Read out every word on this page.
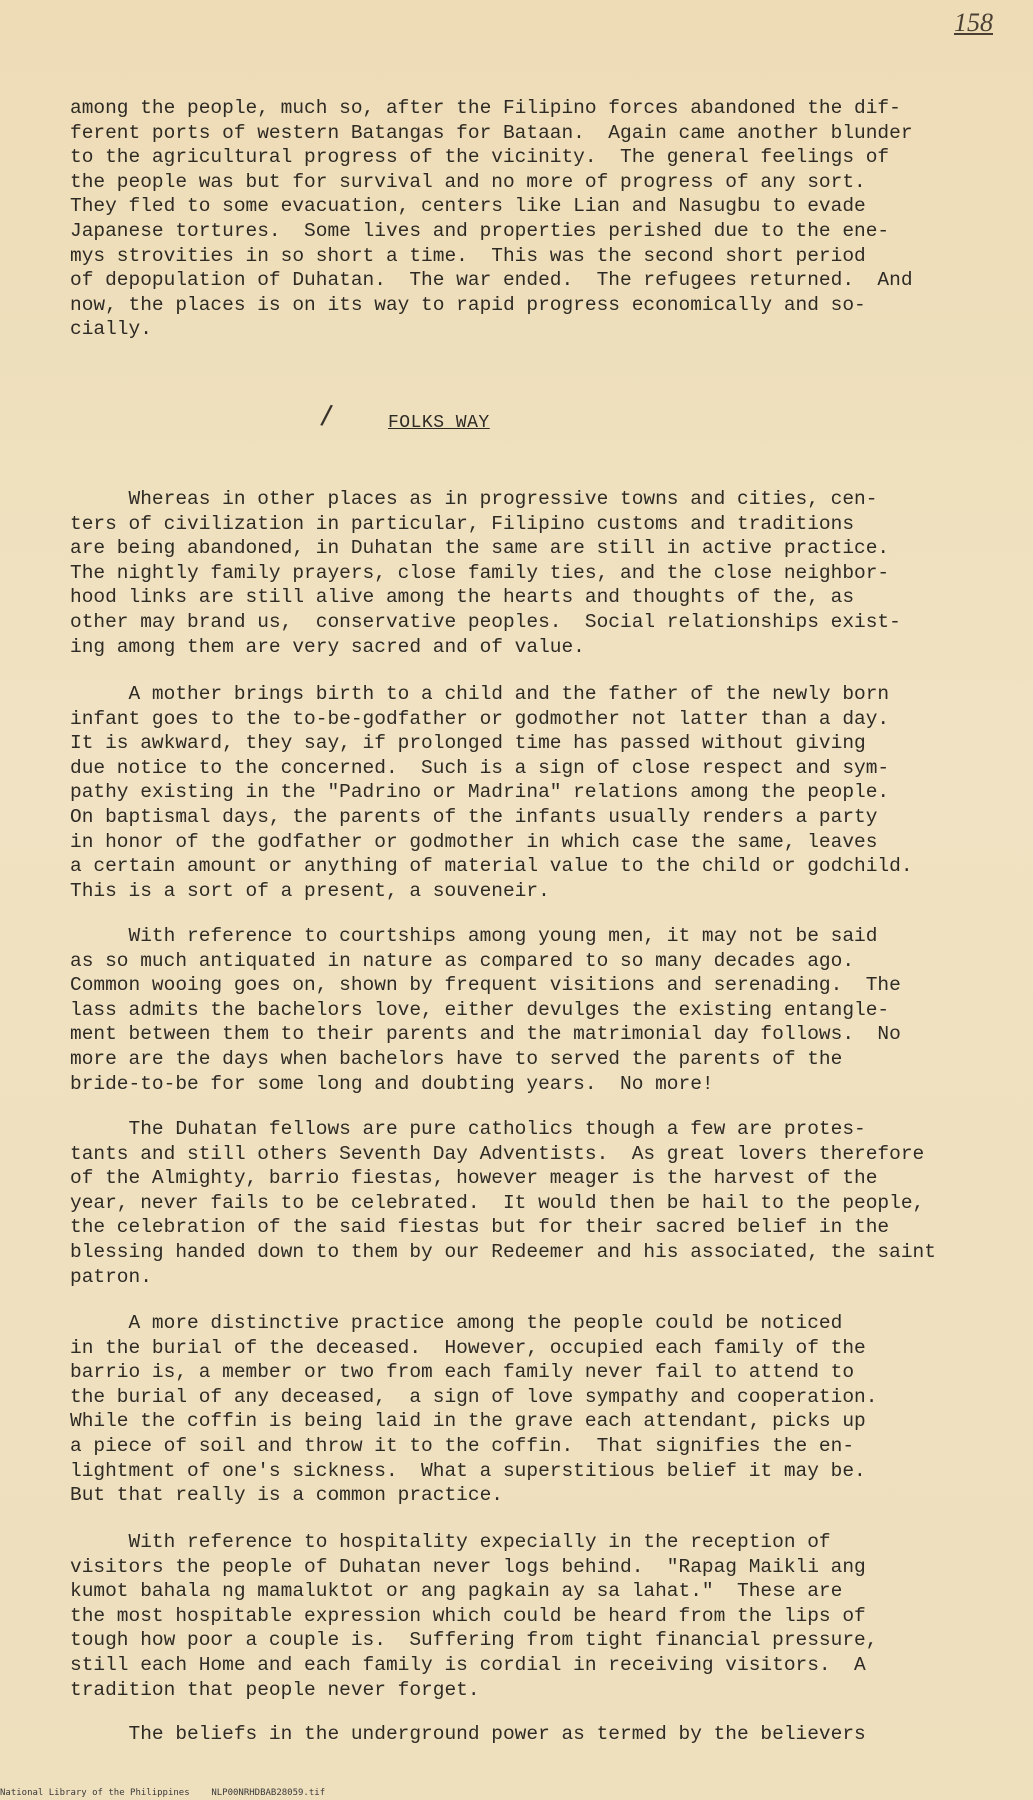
158

among the people, much so, after the Filipino forces abandoned the dif-
ferent ports of western Batangas for Bataan.  Again came another blunder
to the agricultural progress of the vicinity.  The general feelings of
the people was but for survival and no more of progress of any sort.
They fled to some evacuation, centers like Lian and Nasugbu to evade
Japanese tortures.  Some lives and properties perished due to the ene-
mys strovities in so short a time.  This was the second short period
of depopulation of Duhatan.  The war ended.  The refugees returned.  And
now, the places is on its way to rapid progress economically and so-
cially.

/	FOLKS WAY

Whereas in other places as in progressive towns and cities, cen-
ters of civilization in particular, Filipino customs and traditions
are being abandoned, in Duhatan the same are still in active practice.
The nightly family prayers, close family ties, and the close neighbor-
hood links are still alive among the hearts and thoughts of the, as
other may brand us,  conservative peoples.  Social relationships exist-
ing among them are very sacred and of value.

A mother brings birth to a child and the father of the newly born
infant goes to the to-be-godfather or godmother not latter than a day.
It is awkward, they say, if prolonged time has passed without giving
due notice to the concerned.  Such is a sign of close respect and sym-
pathy existing in the "Padrino or Madrina" relations among the people.
On baptismal days, the parents of the infants usually renders a party
in honor of the godfather or godmother in which case the same, leaves
a certain amount or anything of material value to the child or godchild.
This is a sort of a present, a souveneir.

With reference to courtships among young men, it may not be said
as so much antiquated in nature as compared to so many decades ago.
Common wooing goes on, shown by frequent visitions and serenading.  The
lass admits the bachelors love, either devulges the existing entangle-
ment between them to their parents and the matrimonial day follows.  No
more are the days when bachelors have to served the parents of the
bride-to-be for some long and doubting years.  No more!

The Duhatan fellows are pure catholics though a few are protes-
tants and still others Seventh Day Adventists.  As great lovers therefore
of the Almighty, barrio fiestas, however meager is the harvest of the
year, never fails to be celebrated.  It would then be hail to the people,
the celebration of the said fiestas but for their sacred belief in the
blessing handed down to them by our Redeemer and his associated, the saint
patron.

A more distinctive practice among the people could be noticed
in the burial of the deceased.  However, occupied each family of the
barrio is, a member or two from each family never fail to attend to
the burial of any deceased,  a sign of love sympathy and cooperation.
While the coffin is being laid in the grave each attendant, picks up
a piece of soil and throw it to the coffin.  That signifies the en-
lightment of one's sickness.  What a superstitious belief it may be.
But that really is a common practice.

With reference to hospitality expecially in the reception of
visitors the people of Duhatan never logs behind.  "Rapag Maikli ang
kumot bahala ng mamaluktot or ang pagkain ay sa lahat."  These are
the most hospitable expression which could be heard from the lips of
tough how poor a couple is.  Suffering from tight financial pressure,
still each Home and each family is cordial in receiving visitors.  A
tradition that people never forget.

The beliefs in the underground power as termed by the believers

National Library of the Philippines    NLP00NRHDBAB28059.tif
